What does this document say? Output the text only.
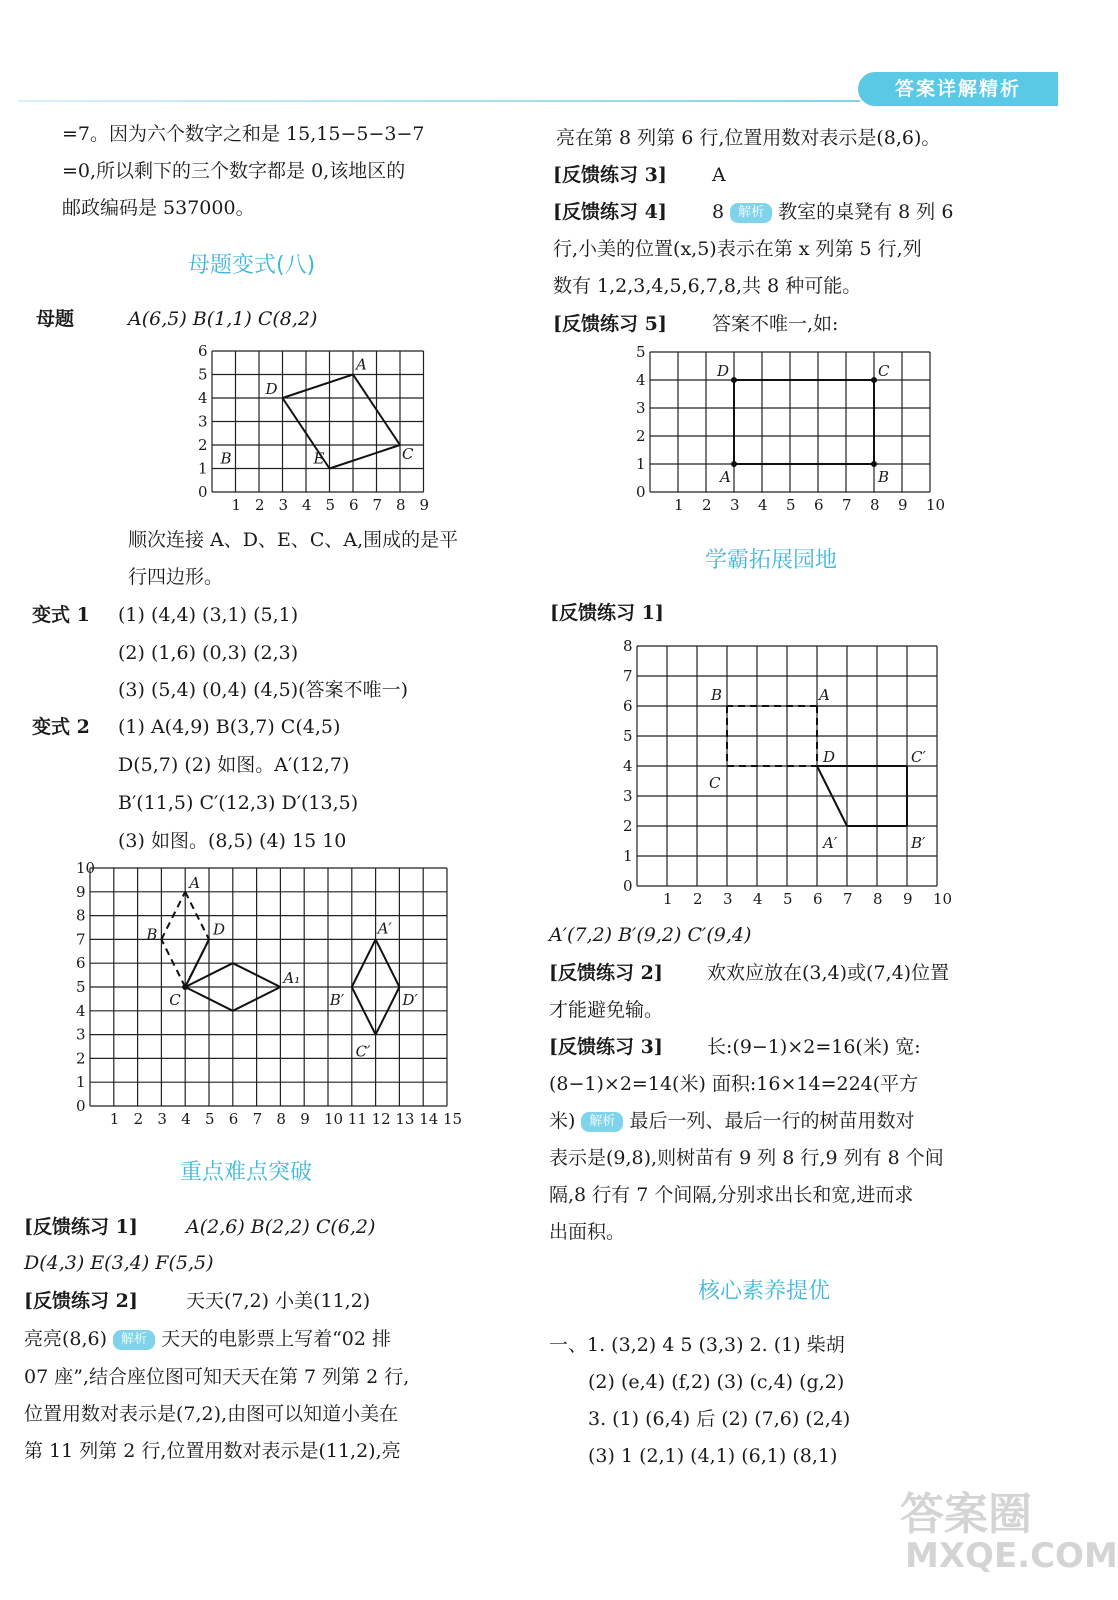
答案详解精析
=7。因为六个数字之和是 15,15−5−3−7
=0,所以剩下的三个数字都是 0,该地区的
邮政编码是 537000。
母题变式(八)
母题	A(6,5) B(1,1) C(8,2)
1 2 3 4 5 6 7 8 9
0
1
2
3
4
5
6
A
D
E	C
B
顺次连接 A、D、E、C、A,围成的是平
行四边形。
变式 1 (1) (4,4) (3,1) (5,1)
(2) (1,6) (0,3) (2,3)
(3) (5,4) (0,4) (4,5)(答案不唯一)
变式 2 (1) A(4,9) B(3,7) C(4,5)
D(5,7) (2) 如图。A′(12,7)
B′(11,5) C′(12,3) D′(13,5)
(3) 如图。(8,5) (4) 15 10
1 2 3 4 5 6 7 8 9 10 11 12 13 14 15
0
1
2
3
4
5
6
7
8
9
10
A
B
C
D
A₁
A′
B′
C′
D′
重点难点突破
[反馈练习 1]	A(2,6) B(2,2) C(6,2)
D(4,3) E(3,4) F(5,5)
[反馈练习 2]	天天(7,2) 小美(11,2)
亮亮(8,6) 解析 天天的电影票上写着“02 排
07 座”,结合座位图可知天天在第 7 列第 2 行,
位置用数对表示是(7,2),由图可以知道小美在
第 11 列第 2 行,位置用数对表示是(11,2),亮
亮在第 8 列第 6 行,位置用数对表示是(8,6)。
[反馈练习 3] A
[反馈练习 4] 8 解析 教室的桌凳有 8 列 6
行,小美的位置(x,5)表示在第 x 列第 5 行,列
数有 1,2,3,4,5,6,7,8,共 8 种可能。
[反馈练习 5] 答案不唯一,如:
1 2 3 4 5 6 7 8 9 10
0
1
2
3
4
5
A	B
C
D
学霸拓展园地
[反馈练习 1]
1 2 3 4 5 6 7 8 9 10
0
1
2
3
4
5
6
7
8
B	A
C
D
A′	B′
C′
A′(7,2) B′(9,2) C′(9,4)
[反馈练习 2] 欢欢应放在(3,4)或(7,4)位置
才能避免输。
[反馈练习 3] 长:(9−1)×2=16(米) 宽:
(8−1)×2=14(米) 面积:16×14=224(平方
米) 解析 最后一列、最后一行的树苗用数对
表示是(9,8),则树苗有 9 列 8 行,9 列有 8 个间
隔,8 行有 7 个间隔,分别求出长和宽,进而求
出面积。
核心素养提优
一、1. (3,2) 4 5 (3,3) 2. (1) 柴胡
(2) (e,4) (f,2) (3) (c,4) (g,2)
3. (1) (6,4) 后 (2) (7,6) (2,4)
(3) 1 (2,1) (4,1) (6,1) (8,1)
答案圈
MXQE.COM
